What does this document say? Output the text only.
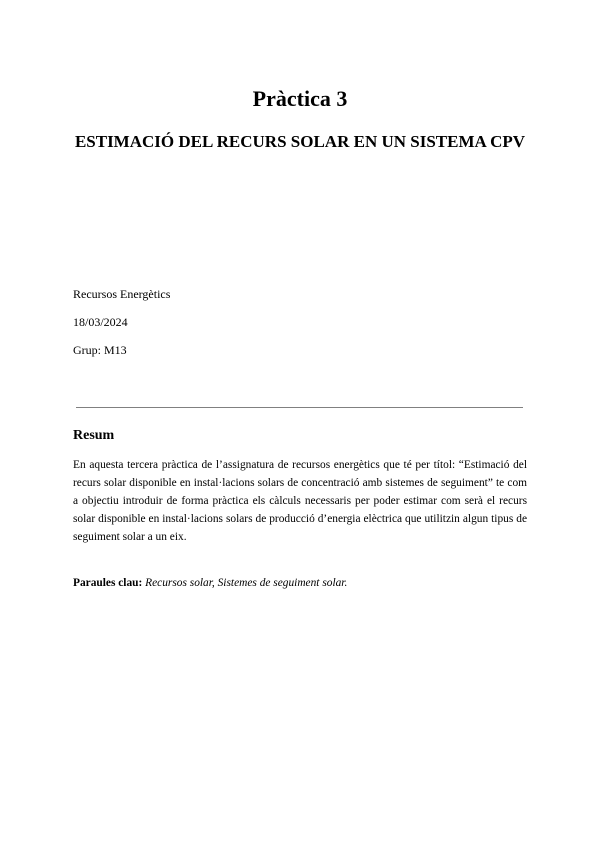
Pràctica 3
ESTIMACIÓ DEL RECURS SOLAR EN UN SISTEMA CPV
Recursos Energètics
18/03/2024
Grup: M13
Resum

En aquesta tercera pràctica de l’assignatura de recursos energètics que té per títol: “Estimació del recurs solar disponible en instal·lacions solars de concentració amb sistemes de seguiment” te com a objectiu introduir de forma pràctica els càlculs necessaris per poder estimar com serà el recurs solar disponible en instal·lacions solars de producció d’energia elèctrica que utilitzin algun tipus de seguiment solar a un eix.

Paraules clau: Recursos solar, Sistemes de seguiment solar.
